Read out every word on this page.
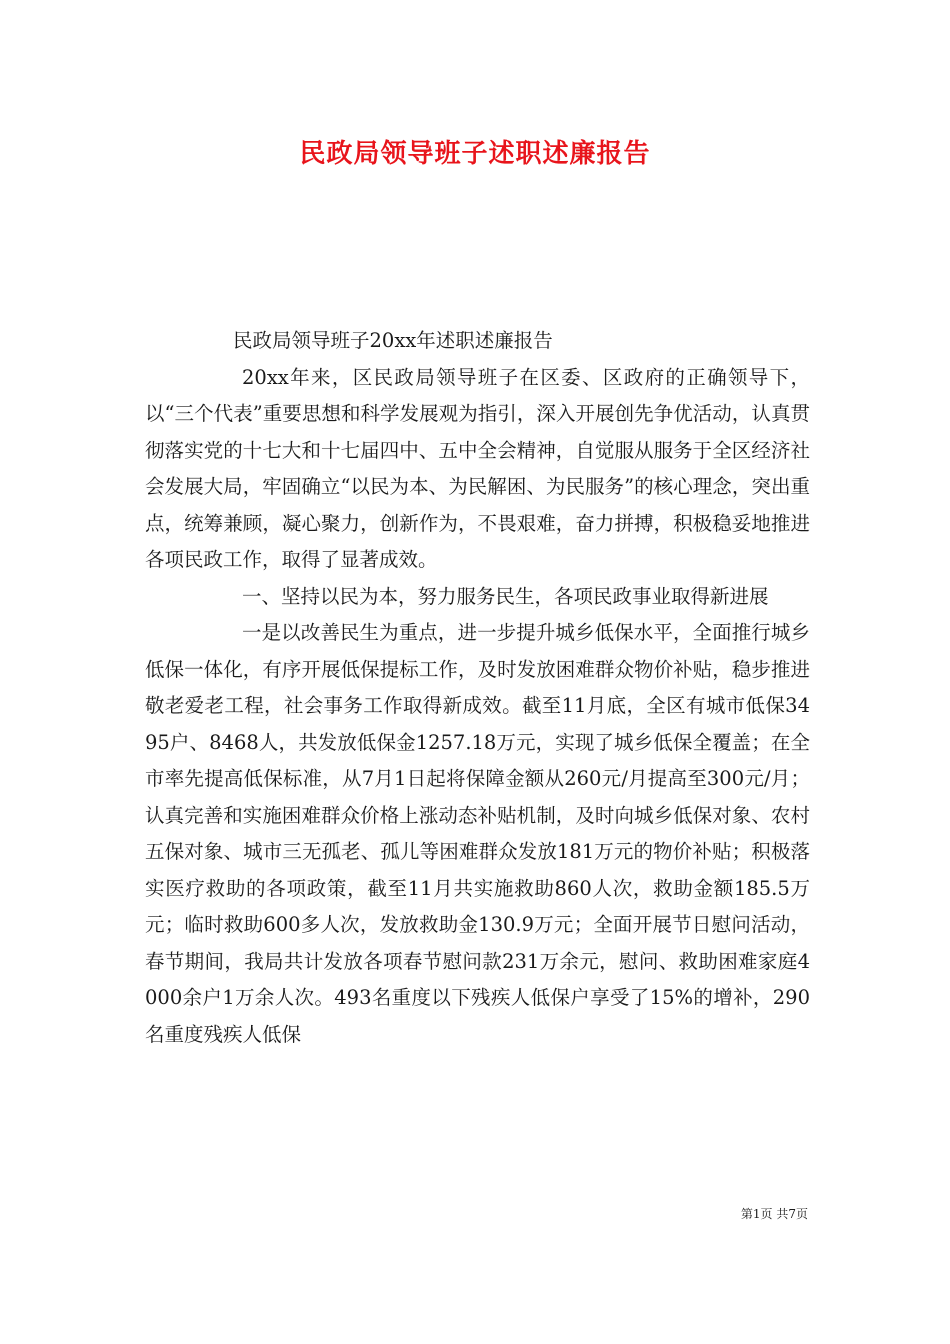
民政局领导班子述职述廉报告

民政局领导班子20xx年述职述廉报告

20xx年来，区民政局领导班子在区委、区政府的正确领导下，以“三个代表”重要思想和科学发展观为指引，深入开展创先争优活动，认真贯彻落实党的十七大和十七届四中、五中全会精神，自觉服从服务于全区经济社会发展大局，牢固确立“以民为本、为民解困、为民服务”的核心理念，突出重点，统筹兼顾，凝心聚力，创新作为，不畏艰难，奋力拼搏，积极稳妥地推进各项民政工作，取得了显著成效。

一、坚持以民为本，努力服务民生，各项民政事业取得新进展

一是以改善民生为重点，进一步提升城乡低保水平，全面推行城乡低保一体化，有序开展低保提标工作，及时发放困难群众物价补贴，稳步推进敬老爱老工程，社会事务工作取得新成效。截至11月底，全区有城市低保3495户、8468人，共发放低保金1257.18万元，实现了城乡低保全覆盖；在全市率先提高低保标准，从7月1日起将保障金额从260元/月提高至300元/月；认真完善和实施困难群众价格上涨动态补贴机制，及时向城乡低保对象、农村五保对象、城市三无孤老、孤儿等困难群众发放181万元的物价补贴；积极落实医疗救助的各项政策，截至11月共实施救助860人次，救助金额185.5万元；临时救助600多人次，发放救助金130.9万元；全面开展节日慰问活动，春节期间，我局共计发放各项春节慰问款231万余元，慰问、救助困难家庭4000余户1万余人次。493名重度以下残疾人低保户享受了15%的增补，290名重度残疾人低保

第1页 共7页
